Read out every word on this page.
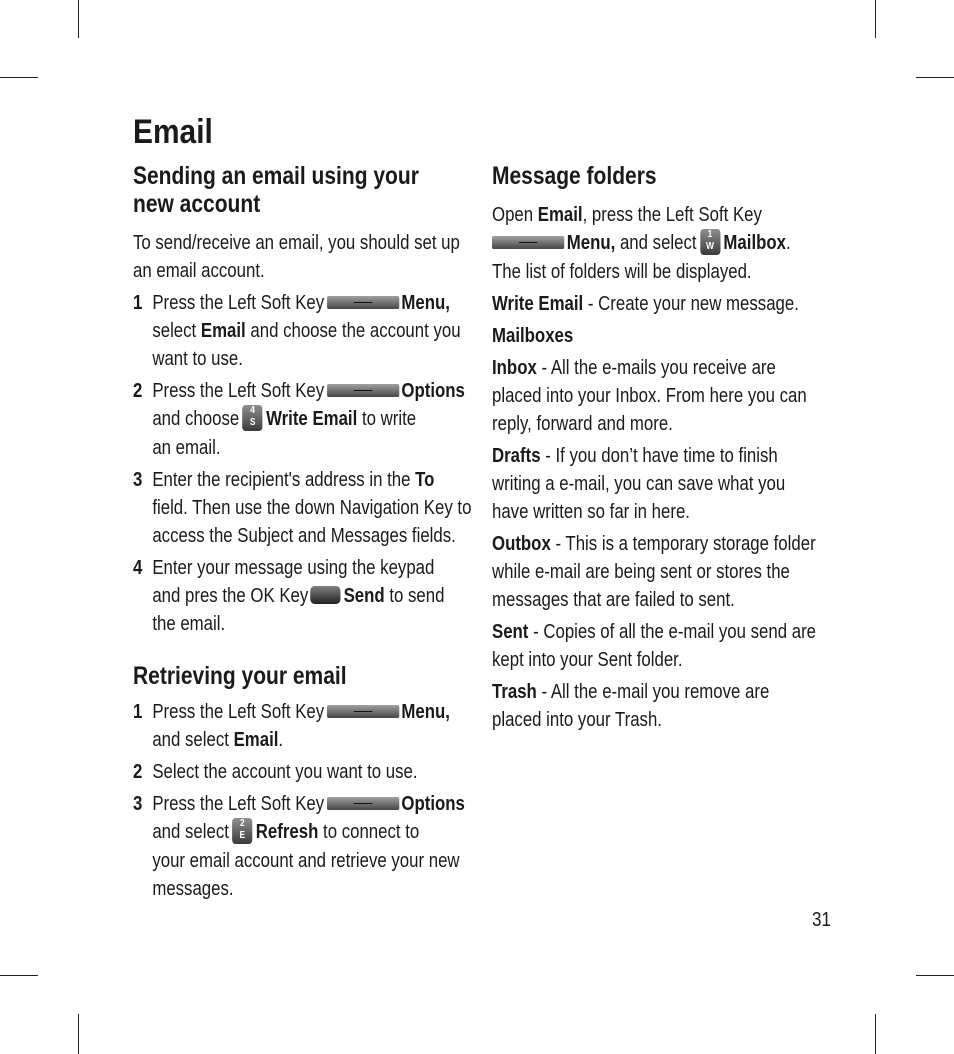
Email
Sending an email using your
new account

To send/receive an email, you should set up
an email account.

1 Press the Left Soft Key	Menu,
select Email and choose the account you
want to use.
2 Press the Left Soft Key	Options
and choose 4
S Write Email to write
an email.
3 Enter the recipient's address in the To
field. Then use the down Navigation Key to
access the Subject and Messages fields.
4 Enter your message using the keypad
and pres the OK Key Send to send
the email.
Retrieving your email
1 Press the Left Soft Key	Menu,
and select Email.
2 Select the account you want to use.
3 Press the Left Soft Key	Options
and select 2
E Refresh to connect to
your email account and retrieve your new
messages.
Message folders

Open Email, press the Left Soft Key
Menu, and select 1
W Mailbox.
The list of folders will be displayed.

Write Email - Create your new message.

Mailboxes

Inbox - All the e-mails you receive are
placed into your Inbox. From here you can
reply, forward and more.

Drafts - If you don’t have time to finish
writing a e-mail, you can save what you
have written so far in here.

Outbox - This is a temporary storage folder
while e-mail are being sent or stores the
messages that are failed to sent.

Sent - Copies of all the e-mail you send are
kept into your Sent folder.

Trash - All the e-mail you remove are
placed into your Trash.

31
